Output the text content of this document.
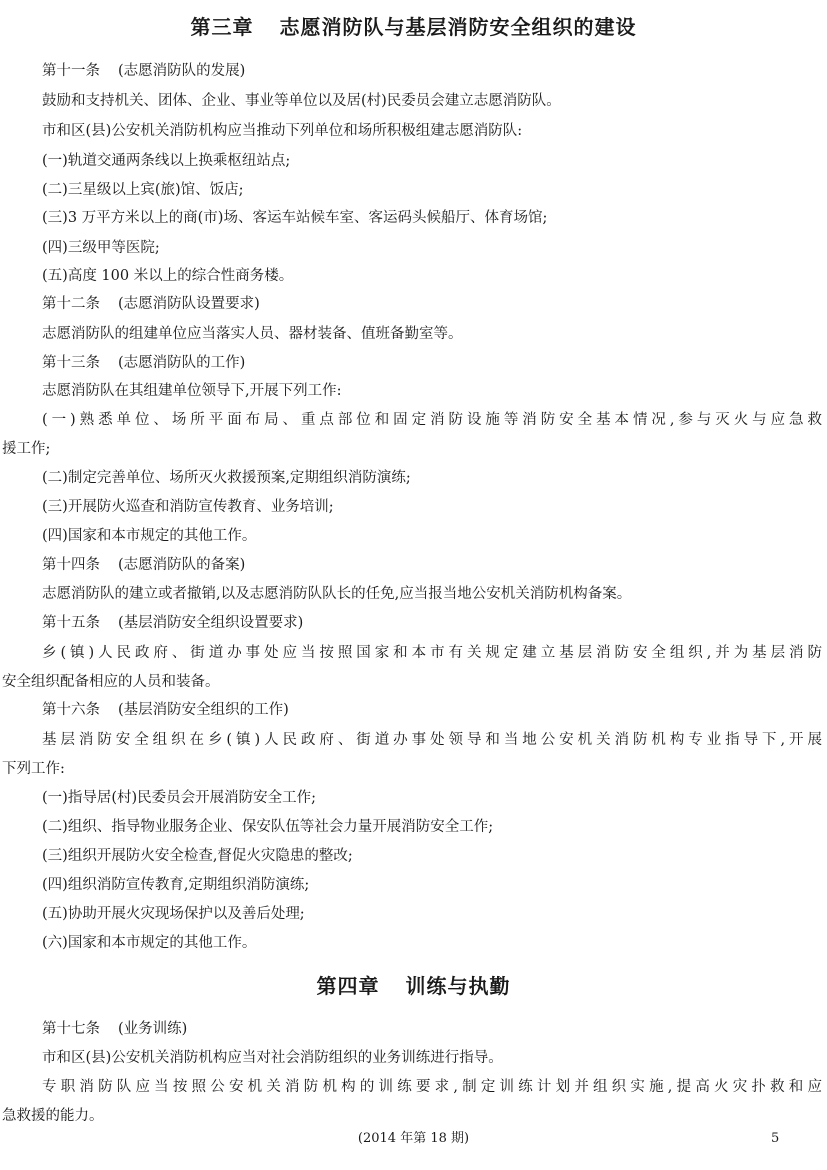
第三章 志愿消防队与基层消防安全组织的建设
第十一条 (志愿消防队的发展)
鼓励和支持机关、团体、企业、事业等单位以及居(村)民委员会建立志愿消防队。
市和区(县)公安机关消防机构应当推动下列单位和场所积极组建志愿消防队:
(一)轨道交通两条线以上换乘枢纽站点;
(二)三星级以上宾(旅)馆、饭店;
(三)3 万平方米以上的商(市)场、客运车站候车室、客运码头候船厅、体育场馆;
(四)三级甲等医院;
(五)高度 100 米以上的综合性商务楼。
第十二条 (志愿消防队设置要求)
志愿消防队的组建单位应当落实人员、器材装备、值班备勤室等。
第十三条 (志愿消防队的工作)
志愿消防队在其组建单位领导下,开展下列工作:
(一)熟悉单位、场所平面布局、重点部位和固定消防设施等消防安全基本情况,参与灭火与应急救
援工作;
(二)制定完善单位、场所灭火救援预案,定期组织消防演练;
(三)开展防火巡查和消防宣传教育、业务培训;
(四)国家和本市规定的其他工作。
第十四条 (志愿消防队的备案)
志愿消防队的建立或者撤销,以及志愿消防队队长的任免,应当报当地公安机关消防机构备案。
第十五条 (基层消防安全组织设置要求)
乡(镇)人民政府、街道办事处应当按照国家和本市有关规定建立基层消防安全组织,并为基层消防
安全组织配备相应的人员和装备。
第十六条 (基层消防安全组织的工作)
基层消防安全组织在乡(镇)人民政府、街道办事处领导和当地公安机关消防机构专业指导下,开展
下列工作:
(一)指导居(村)民委员会开展消防安全工作;
(二)组织、指导物业服务企业、保安队伍等社会力量开展消防安全工作;
(三)组织开展防火安全检查,督促火灾隐患的整改;
(四)组织消防宣传教育,定期组织消防演练;
(五)协助开展火灾现场保护以及善后处理;
(六)国家和本市规定的其他工作。
第四章 训练与执勤
第十七条 (业务训练)
市和区(县)公安机关消防机构应当对社会消防组织的业务训练进行指导。
专职消防队应当按照公安机关消防机构的训练要求,制定训练计划并组织实施,提高火灾扑救和应
急救援的能力。
(2014 年第 18 期)	5
